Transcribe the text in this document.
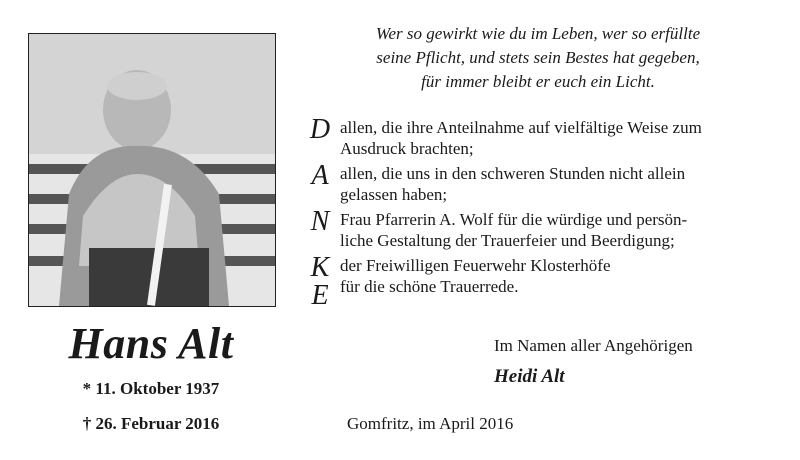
Hans Alt
* 11. Oktober 1937
† 26. Februar 2016
Wer so gewirkt wie du im Leben, wer so erfüllte
seine Pflicht, und stets sein Bestes hat gegeben,
für immer bleibt er euch ein Licht.
D allen, die ihre Anteilnahme auf vielfältige Weise zum
Ausdruck brachten;
A allen, die uns in den schweren Stunden nicht allein
gelassen haben;
N Frau Pfarrerin A. Wolf für die würdige und persön-
liche Gestaltung der Trauerfeier und Beerdigung;
K der Freiwilligen Feuerwehr Klosterhöfe
für die schöne Trauerrede.
E
Im Namen aller Angehörigen
Heidi Alt
Gomfritz, im April 2016
